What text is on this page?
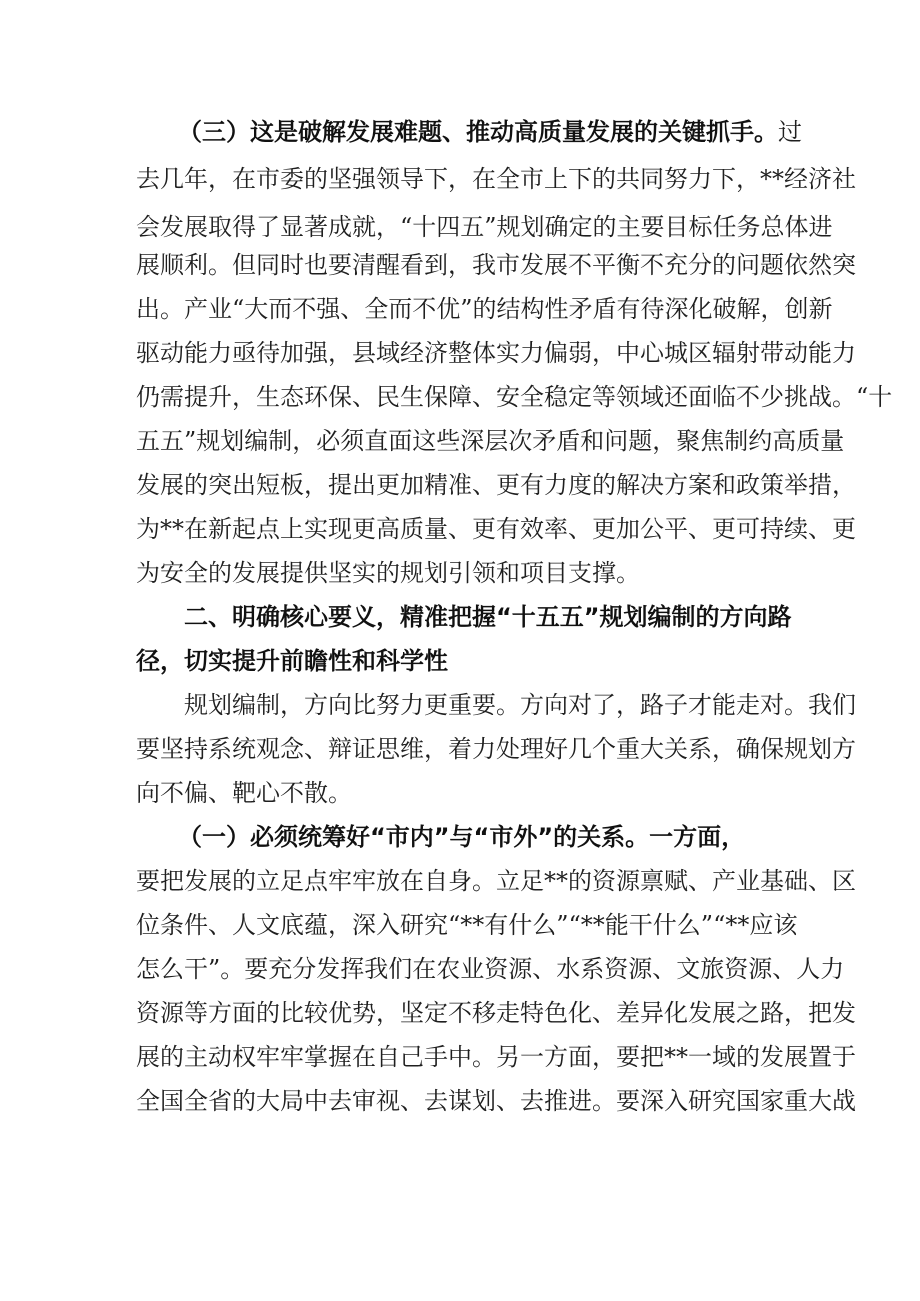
（三）这是破解发展难题、推动高质量发展的关键抓手。过
去几年，在市委的坚强领导下，在全市上下的共同努力下，**经济社
会发展取得了显著成就，“十四五”规划确定的主要目标任务总体进
展顺利。但同时也要清醒看到，我市发展不平衡不充分的问题依然突
出。产业“大而不强、全而不优”的结构性矛盾有待深化破解，创新
驱动能力亟待加强，县域经济整体实力偏弱，中心城区辐射带动能力
仍需提升，生态环保、民生保障、安全稳定等领域还面临不少挑战。“十
五五”规划编制，必须直面这些深层次矛盾和问题，聚焦制约高质量
发展的突出短板，提出更加精准、更有力度的解决方案和政策举措，
为**在新起点上实现更高质量、更有效率、更加公平、更可持续、更
为安全的发展提供坚实的规划引领和项目支撑。
二、明确核心要义，精准把握“十五五”规划编制的方向路
径，切实提升前瞻性和科学性
规划编制，方向比努力更重要。方向对了，路子才能走对。我们
要坚持系统观念、辩证思维，着力处理好几个重大关系，确保规划方
向不偏、靶心不散。
（一）必须统筹好“市内”与“市外”的关系。一方面，
要把发展的立足点牢牢放在自身。立足**的资源禀赋、产业基础、区
位条件、人文底蕴，深入研究“**有什么”“**能干什么”“**应该
怎么干”。要充分发挥我们在农业资源、水系资源、文旅资源、人力
资源等方面的比较优势，坚定不移走特色化、差异化发展之路，把发
展的主动权牢牢掌握在自己手中。另一方面，要把**一域的发展置于
全国全省的大局中去审视、去谋划、去推进。要深入研究国家重大战
